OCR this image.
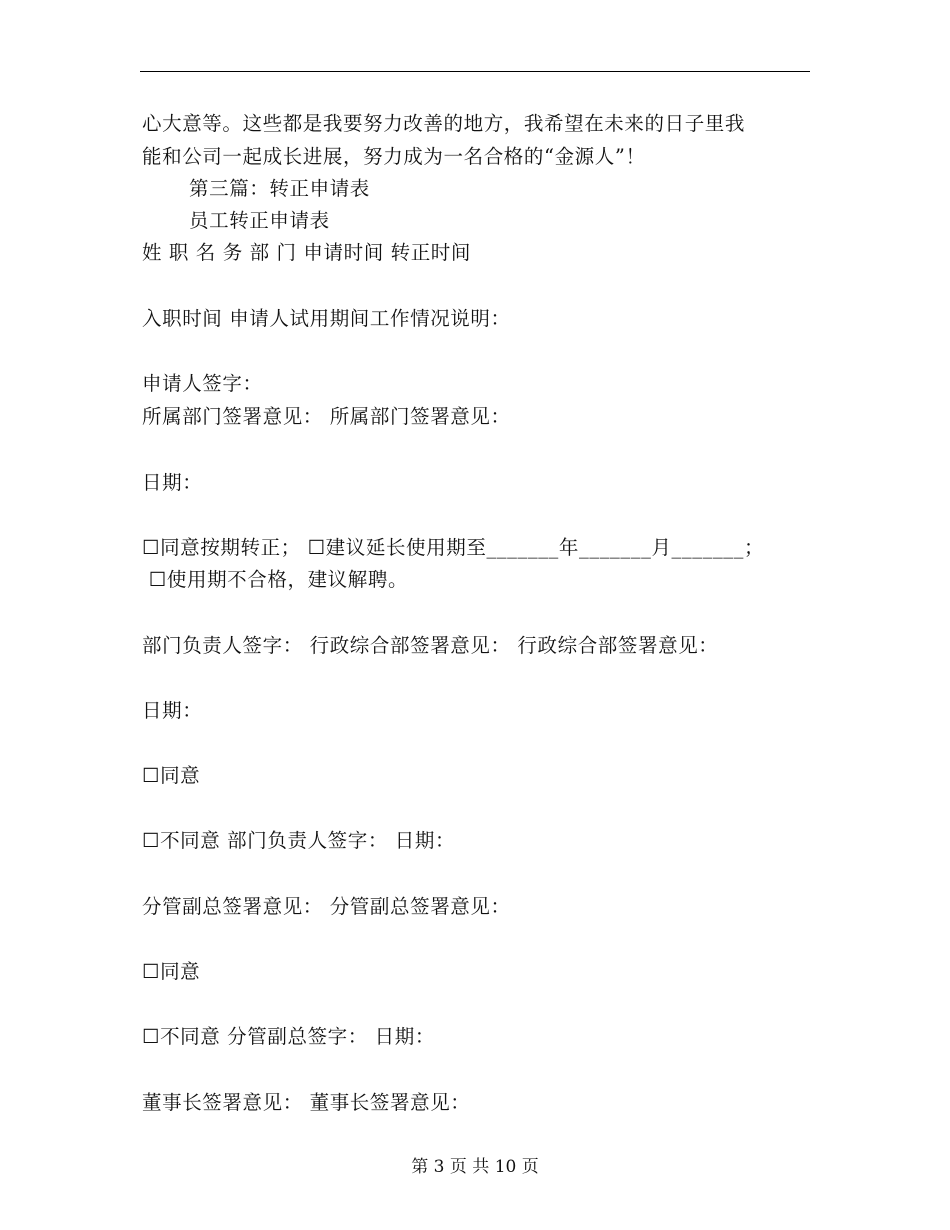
心大意等。这些都是我要努力改善的地方，我希望在未来的日子里我
能和公司一起成长进展，努力成为一名合格的“金源人”！
第三篇：转正申请表
员工转正申请表
姓 职 名 务 部 门 申请时间 转正时间
入职时间 申请人试用期间工作情况说明：
申请人签字：
所属部门签署意见： 所属部门签署意见：
日期：
☐同意按期转正； ☐建议延长使用期至_______年_______月_______；
☐使用期不合格，建议解聘。
部门负责人签字： 行政综合部签署意见： 行政综合部签署意见：
日期：
☐同意
☐不同意 部门负责人签字： 日期：
分管副总签署意见： 分管副总签署意见：
☐同意
☐不同意 分管副总签字： 日期：
董事长签署意见： 董事长签署意见：
第 3 页 共 10 页
